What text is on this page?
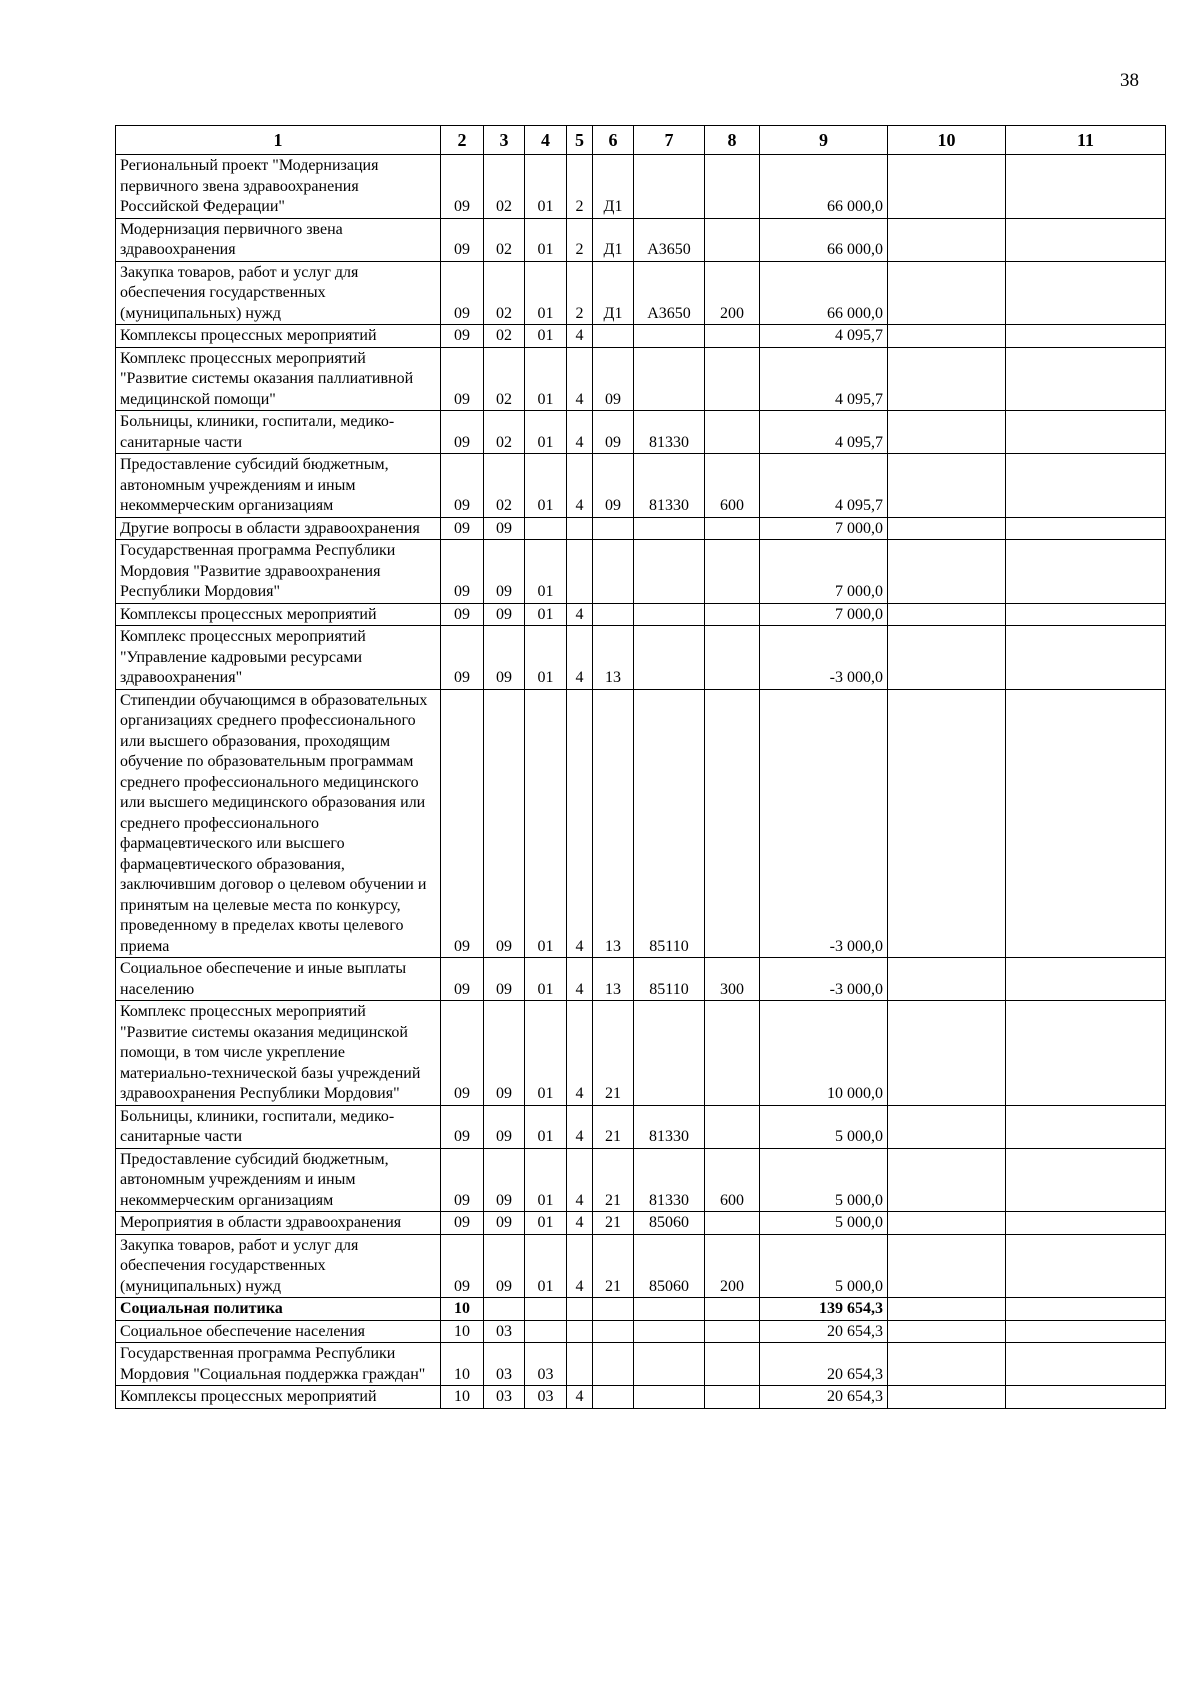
38
1	2	3	4	5	6	7	8	9	10	11
Региональный проект "Модернизация первичного звена здравоохранения Российской Федерации"	09	02	01	2	Д1			66 000,0		
Модернизация первичного звена здравоохранения	09	02	01	2	Д1	А3650		66 000,0		
Закупка товаров, работ и услуг для обеспечения государственных (муниципальных) нужд	09	02	01	2	Д1	А3650	200	66 000,0		
Комплексы процессных мероприятий	09	02	01	4				4 095,7		
Комплекс процессных мероприятий "Развитие системы оказания паллиативной медицинской помощи"	09	02	01	4	09			4 095,7		
Больницы, клиники, госпитали, медико-санитарные части	09	02	01	4	09	81330		4 095,7		
Предоставление субсидий бюджетным, автономным учреждениям и иным некоммерческим организациям	09	02	01	4	09	81330	600	4 095,7		
Другие вопросы в области здравоохранения	09	09						7 000,0		
Государственная программа Республики Мордовия "Развитие здравоохранения Республики Мордовия"	09	09	01					7 000,0		
Комплексы процессных мероприятий	09	09	01	4				7 000,0		
Комплекс процессных мероприятий "Управление кадровыми ресурсами здравоохранения"	09	09	01	4	13			-3 000,0		
Стипендии обучающимся в образовательных организациях среднего профессионального или высшего образования, проходящим обучение по образовательным программам среднего профессионального медицинского или высшего медицинского образования или среднего профессионального фармацевтического или высшего фармацевтического образования, заключившим договор о целевом обучении и принятым на целевые места по конкурсу, проведенному в пределах квоты целевого приема	09	09	01	4	13	85110		-3 000,0		
Социальное обеспечение и иные выплаты населению	09	09	01	4	13	85110	300	-3 000,0		
Комплекс процессных мероприятий "Развитие системы оказания медицинской помощи, в том числе укрепление материально-технической базы учреждений здравоохранения Республики Мордовия"	09	09	01	4	21			10 000,0		
Больницы, клиники, госпитали, медико-санитарные части	09	09	01	4	21	81330		5 000,0		
Предоставление субсидий бюджетным, автономным учреждениям и иным некоммерческим организациям	09	09	01	4	21	81330	600	5 000,0		
Мероприятия в области здравоохранения	09	09	01	4	21	85060		5 000,0		
Закупка товаров, работ и услуг для обеспечения государственных (муниципальных) нужд	09	09	01	4	21	85060	200	5 000,0		
Социальная политика	10							139 654,3		
Социальное обеспечение населения	10	03						20 654,3		
Государственная программа Республики Мордовия "Социальная поддержка граждан"	10	03	03					20 654,3		
Комплексы процессных мероприятий	10	03	03	4				20 654,3		
